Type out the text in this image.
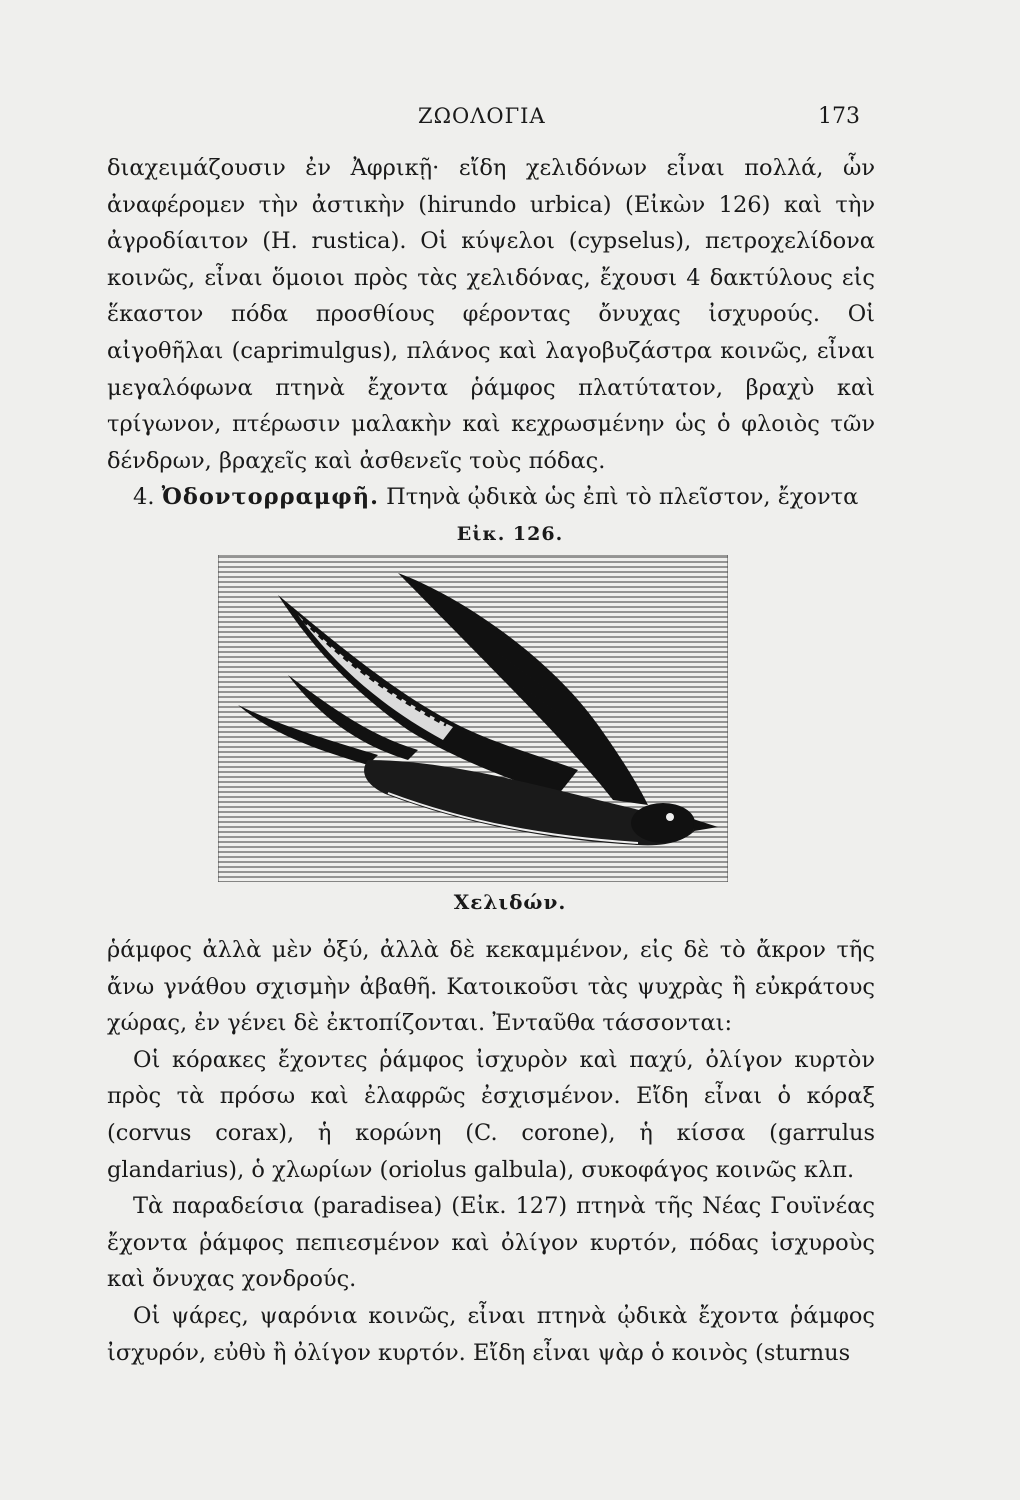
ΖΩΟΛΟΓΙΑ	173

διαχειμάζουσιν ἐν Ἀφρικῇ· εἴδη χελιδόνων εἶναι πολλά, ὧν ἀναφέρομεν τὴν ἀστικὴν (hirundo urbica) (Εἰκὼν 126) καὶ τὴν ἀγροδίαιτον (H. rustica). Οἱ κύψελοι (cypselus), πετροχελίδονα κοινῶς, εἶναι ὅμοιοι πρὸς τὰς χελιδόνας, ἔχουσι 4 δακτύλους εἰς ἕκαστον πόδα προσθίους φέροντας ὄνυχας ἰσχυρούς. Οἱ αἰγοθῆλαι (caprimulgus), πλάνος καὶ λαγοβυζάστρα κοινῶς, εἶναι μεγαλόφωνα πτηνὰ ἔχοντα ῥάμφος πλατύτατον, βραχὺ καὶ τρίγωνον, πτέρωσιν μαλακὴν καὶ κεχρωσμένην ὡς ὁ φλοιὸς τῶν δένδρων, βραχεῖς καὶ ἀσθενεῖς τοὺς πόδας.

4. Ὀδοντορραμφῆ. Πτηνὰ ᾠδικὰ ὡς ἐπὶ τὸ πλεῖστον, ἔχοντα

Εἰκ. 126.
Χελιδών.

ῥάμφος ἀλλὰ μὲν ὀξύ, ἀλλὰ δὲ κεκαμμένον, εἰς δὲ τὸ ἄκρον τῆς ἄνω γνάθου σχισμὴν ἀβαθῆ. Κατοικοῦσι τὰς ψυχρὰς ἢ εὐκράτους χώρας, ἐν γένει δὲ ἐκτοπίζονται. Ἐνταῦθα τάσσονται:

Οἱ κόρακες ἔχοντες ῥάμφος ἰσχυρὸν καὶ παχύ, ὀλίγον κυρτὸν πρὸς τὰ πρόσω καὶ ἐλαφρῶς ἐσχισμένον. Εἴδη εἶναι ὁ κόραξ (corvus corax), ἡ κορώνη (C. corone), ἡ κίσσα (garrulus glandarius), ὁ χλωρίων (oriolus galbula), συκοφάγος κοινῶς κλπ.

Τὰ παραδείσια (paradisea) (Εἰκ. 127) πτηνὰ τῆς Νέας Γουϊνέας ἔχοντα ῥάμφος πεπιεσμένον καὶ ὀλίγον κυρτόν, πόδας ἰσχυροὺς καὶ ὄνυχας χονδρούς.

Οἱ ψάρες, ψαρόνια κοινῶς, εἶναι πτηνὰ ᾠδικὰ ἔχοντα ῥάμφος ἰσχυρόν, εὐθὺ ἢ ὀλίγον κυρτόν. Εἴδη εἶναι ψὰρ ὁ κοινὸς (sturnus
